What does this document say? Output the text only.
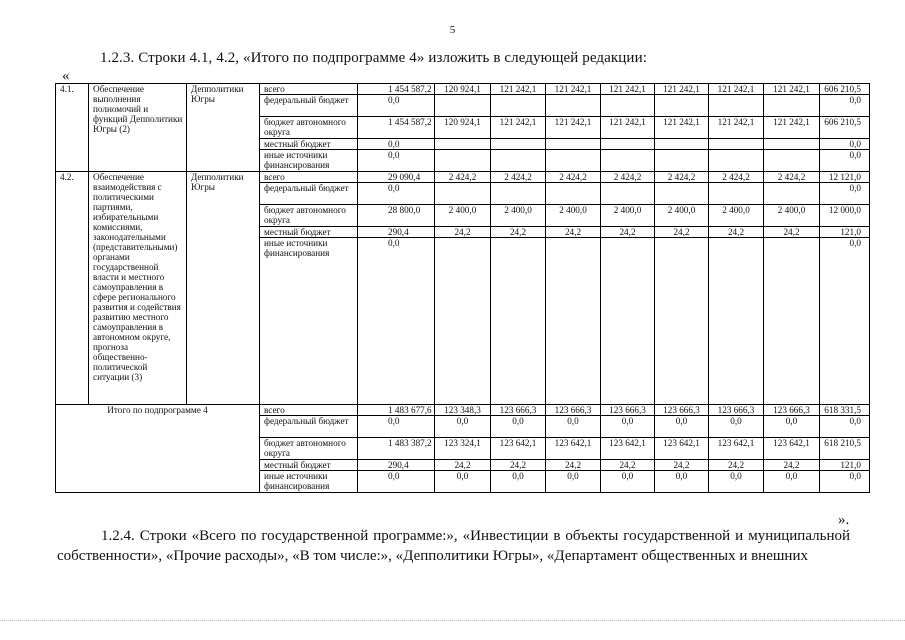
5
1.2.3. Строки 4.1, 4.2, «Итого по подпрограмме 4» изложить в следующей редакции:
«
4.1.	Обеспечение выполнения полномочий и функций Депполитики Югры (2)	Депполитики Югры	всего	1 454 587,2	120 924,1	121 242,1	121 242,1	121 242,1	121 242,1	121 242,1	121 242,1	606 210,5
			федеральный бюджет	0,0								0,0
			бюджет автономного округа	1 454 587,2	120 924,1	121 242,1	121 242,1	121 242,1	121 242,1	121 242,1	121 242,1	606 210,5
			местный бюджет	0,0								0,0
			иные источники финансирования	0,0								0,0
4.2.	Обеспечение взаимодействия с политическими партиями, избирательными комиссиями, законодательными (представительными) органами государственной власти и местного самоуправления в сфере регионального развития и содействия развитию местного самоуправления в автономном округе, прогноза общественно-политической ситуации (3)	Депполитики Югры	всего	29 090,4	2 424,2	2 424,2	2 424,2	2 424,2	2 424,2	2 424,2	2 424,2	12 121,0
			федеральный бюджет	0,0								0,0
			бюджет автономного округа	28 800,0	2 400,0	2 400,0	2 400,0	2 400,0	2 400,0	2 400,0	2 400,0	12 000,0
			местный бюджет	290,4	24,2	24,2	24,2	24,2	24,2	24,2	24,2	121,0
			иные источники финансирования	0,0								0,0
Итого по подпрограмме 4			всего	1 483 677,6	123 348,3	123 666,3	123 666,3	123 666,3	123 666,3	123 666,3	123 666,3	618 331,5
			федеральный бюджет	0,0	0,0	0,0	0,0	0,0	0,0	0,0	0,0	0,0
			бюджет автономного округа	1 483 387,2	123 324,1	123 642,1	123 642,1	123 642,1	123 642,1	123 642,1	123 642,1	618 210,5
			местный бюджет	290,4	24,2	24,2	24,2	24,2	24,2	24,2	24,2	121,0
			иные источники финансирования	0,0	0,0	0,0	0,0	0,0	0,0	0,0	0,0	0,0
».
1.2.4. Строки «Всего по государственной программе:», «Инвестиции в объекты государственной и муниципальной собственности», «Прочие расходы», «В том числе:», «Депполитики Югры», «Департамент общественных и внешних
